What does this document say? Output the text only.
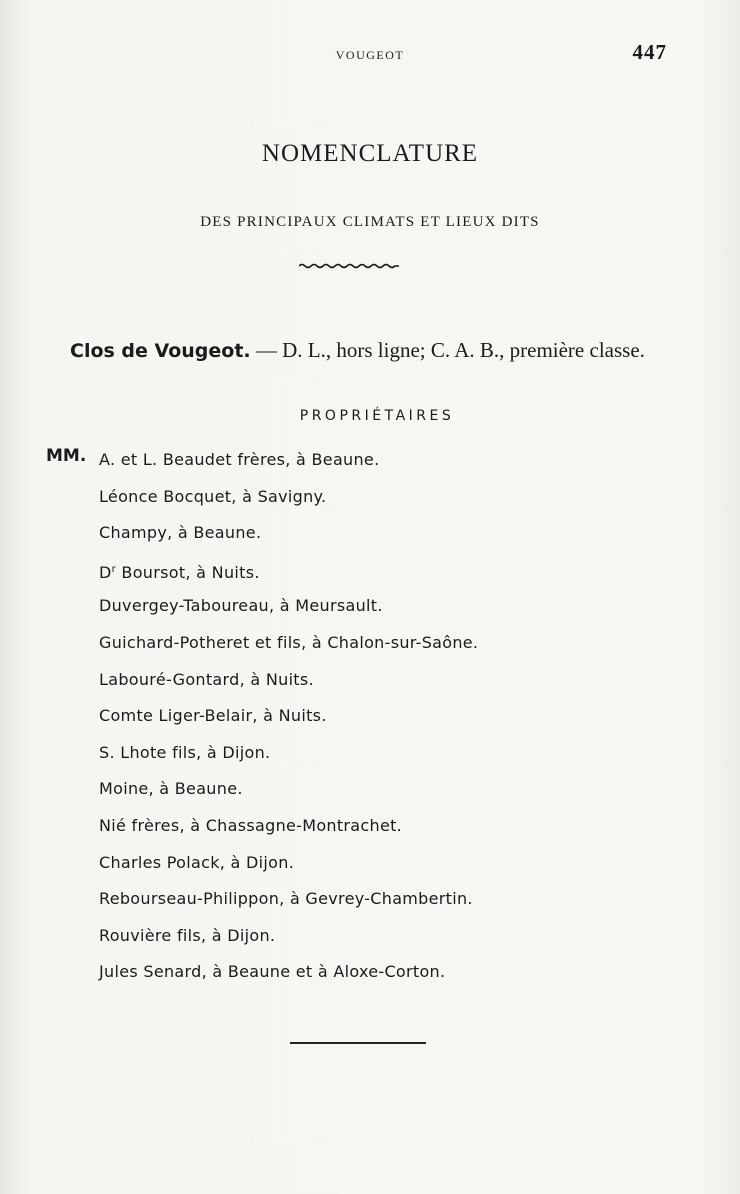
VOUGEOT	447
NOMENCLATURE
DES PRINCIPAUX CLIMATS ET LIEUX DITS
Clos de Vougeot. — D. L., hors ligne; C. A. B., première classe.
PROPRIÉTAIRES
MM. A. et L. Beaudet frères, à Beaune.
Léonce Bocquet, à Savigny.
Champy, à Beaune.
$D^r$ Boursot, à Nuits.
Duvergey-Taboureau, à Meursault.
Guichard-Potheret et fils, à Chalon-sur-Saône.
Labouré-Gontard, à Nuits.
Comte Liger-Belair, à Nuits.
S. Lhote fils, à Dijon.
Moine, à Beaune.
Nié frères, à Chassagne-Montrachet.
Charles Polack, à Dijon.
Rebourseau-Philippon, à Gevrey-Chambertin.
Rouvière fils, à Dijon.
Jules Senard, à Beaune et à Aloxe-Corton.
